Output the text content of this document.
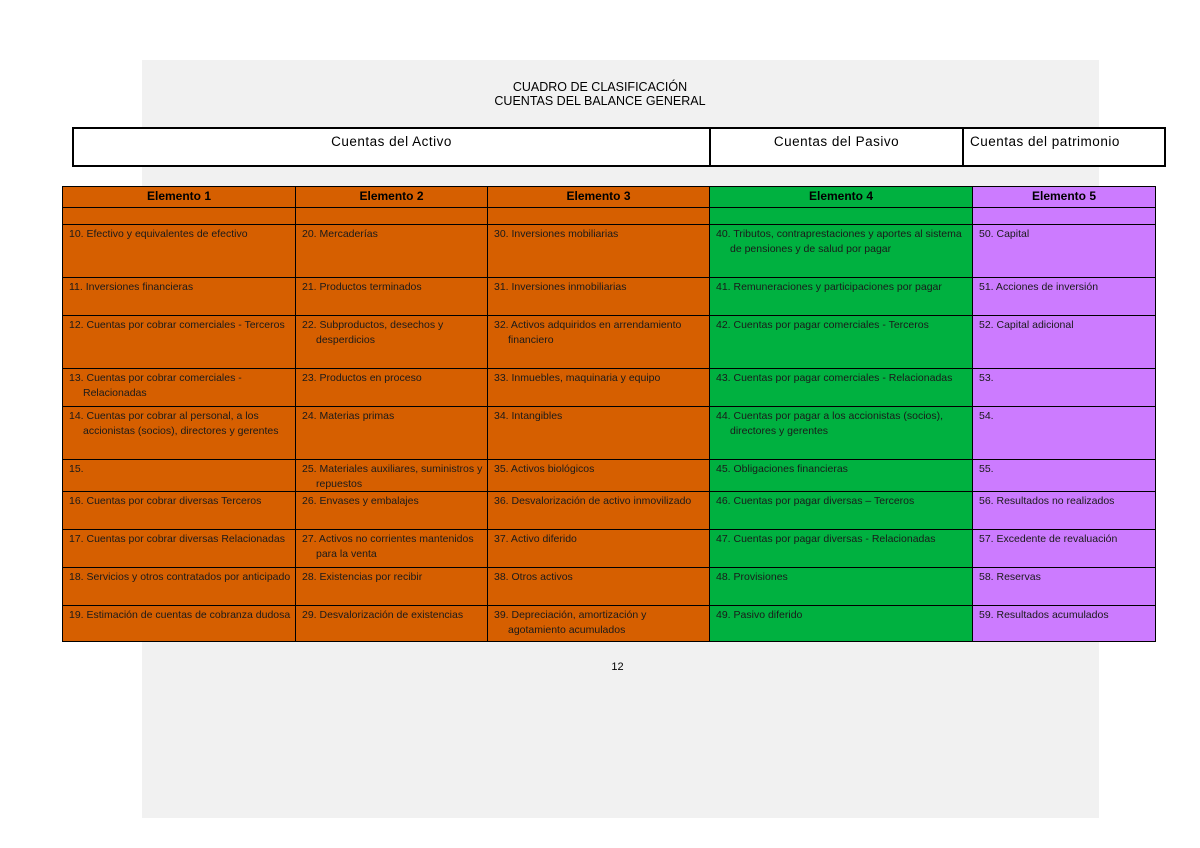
CUADRO DE CLASIFICACIÓN
CUENTAS DEL BALANCE GENERAL
Cuentas del Activo	Cuentas del Pasivo	Cuentas del patrimonio
Elemento 1	Elemento 2	Elemento 3	Elemento 4	Elemento 5

10. Efectivo y equivalentes de efectivo	20. Mercaderías	30. Inversiones mobiliarias	40. Tributos, contraprestaciones y aportes al sistema de pensiones y de salud por pagar	50. Capital

11. Inversiones financieras	21. Productos terminados	31. Inversiones inmobiliarias	41. Remuneraciones y participaciones por pagar	51. Acciones de inversión

12. Cuentas por cobrar comerciales - Terceros	22. Subproductos, desechos y desperdicios	32. Activos adquiridos en arrendamiento financiero	42. Cuentas por pagar comerciales - Terceros	52. Capital adicional

13. Cuentas por cobrar comerciales - Relacionadas	23. Productos en proceso	33. Inmuebles, maquinaria y equipo	43. Cuentas por pagar comerciales - Relacionadas	53.

14. Cuentas por cobrar al personal, a los accionistas (socios), directores y gerentes	24. Materias primas	34. Intangibles	44. Cuentas por pagar a los accionistas (socios), directores y gerentes	54.

15.	25. Materiales auxiliares, suministros y repuestos	35. Activos biológicos	45. Obligaciones financieras	55.

16. Cuentas por cobrar diversas Terceros	26. Envases y embalajes	36. Desvalorización de activo inmovilizado	46. Cuentas por pagar diversas – Terceros	56. Resultados no realizados

17. Cuentas por cobrar diversas Relacionadas	27. Activos no corrientes mantenidos para la venta	37. Activo diferido	47. Cuentas por pagar diversas - Relacionadas	57. Excedente de revaluación

18. Servicios y otros contratados por anticipado	28. Existencias por recibir	38. Otros activos	48. Provisiones	58. Reservas

19. Estimación de cuentas de cobranza dudosa	29. Desvalorización de existencias	39. Depreciación, amortización y agotamiento acumulados	49. Pasivo diferido	59. Resultados acumulados
12
